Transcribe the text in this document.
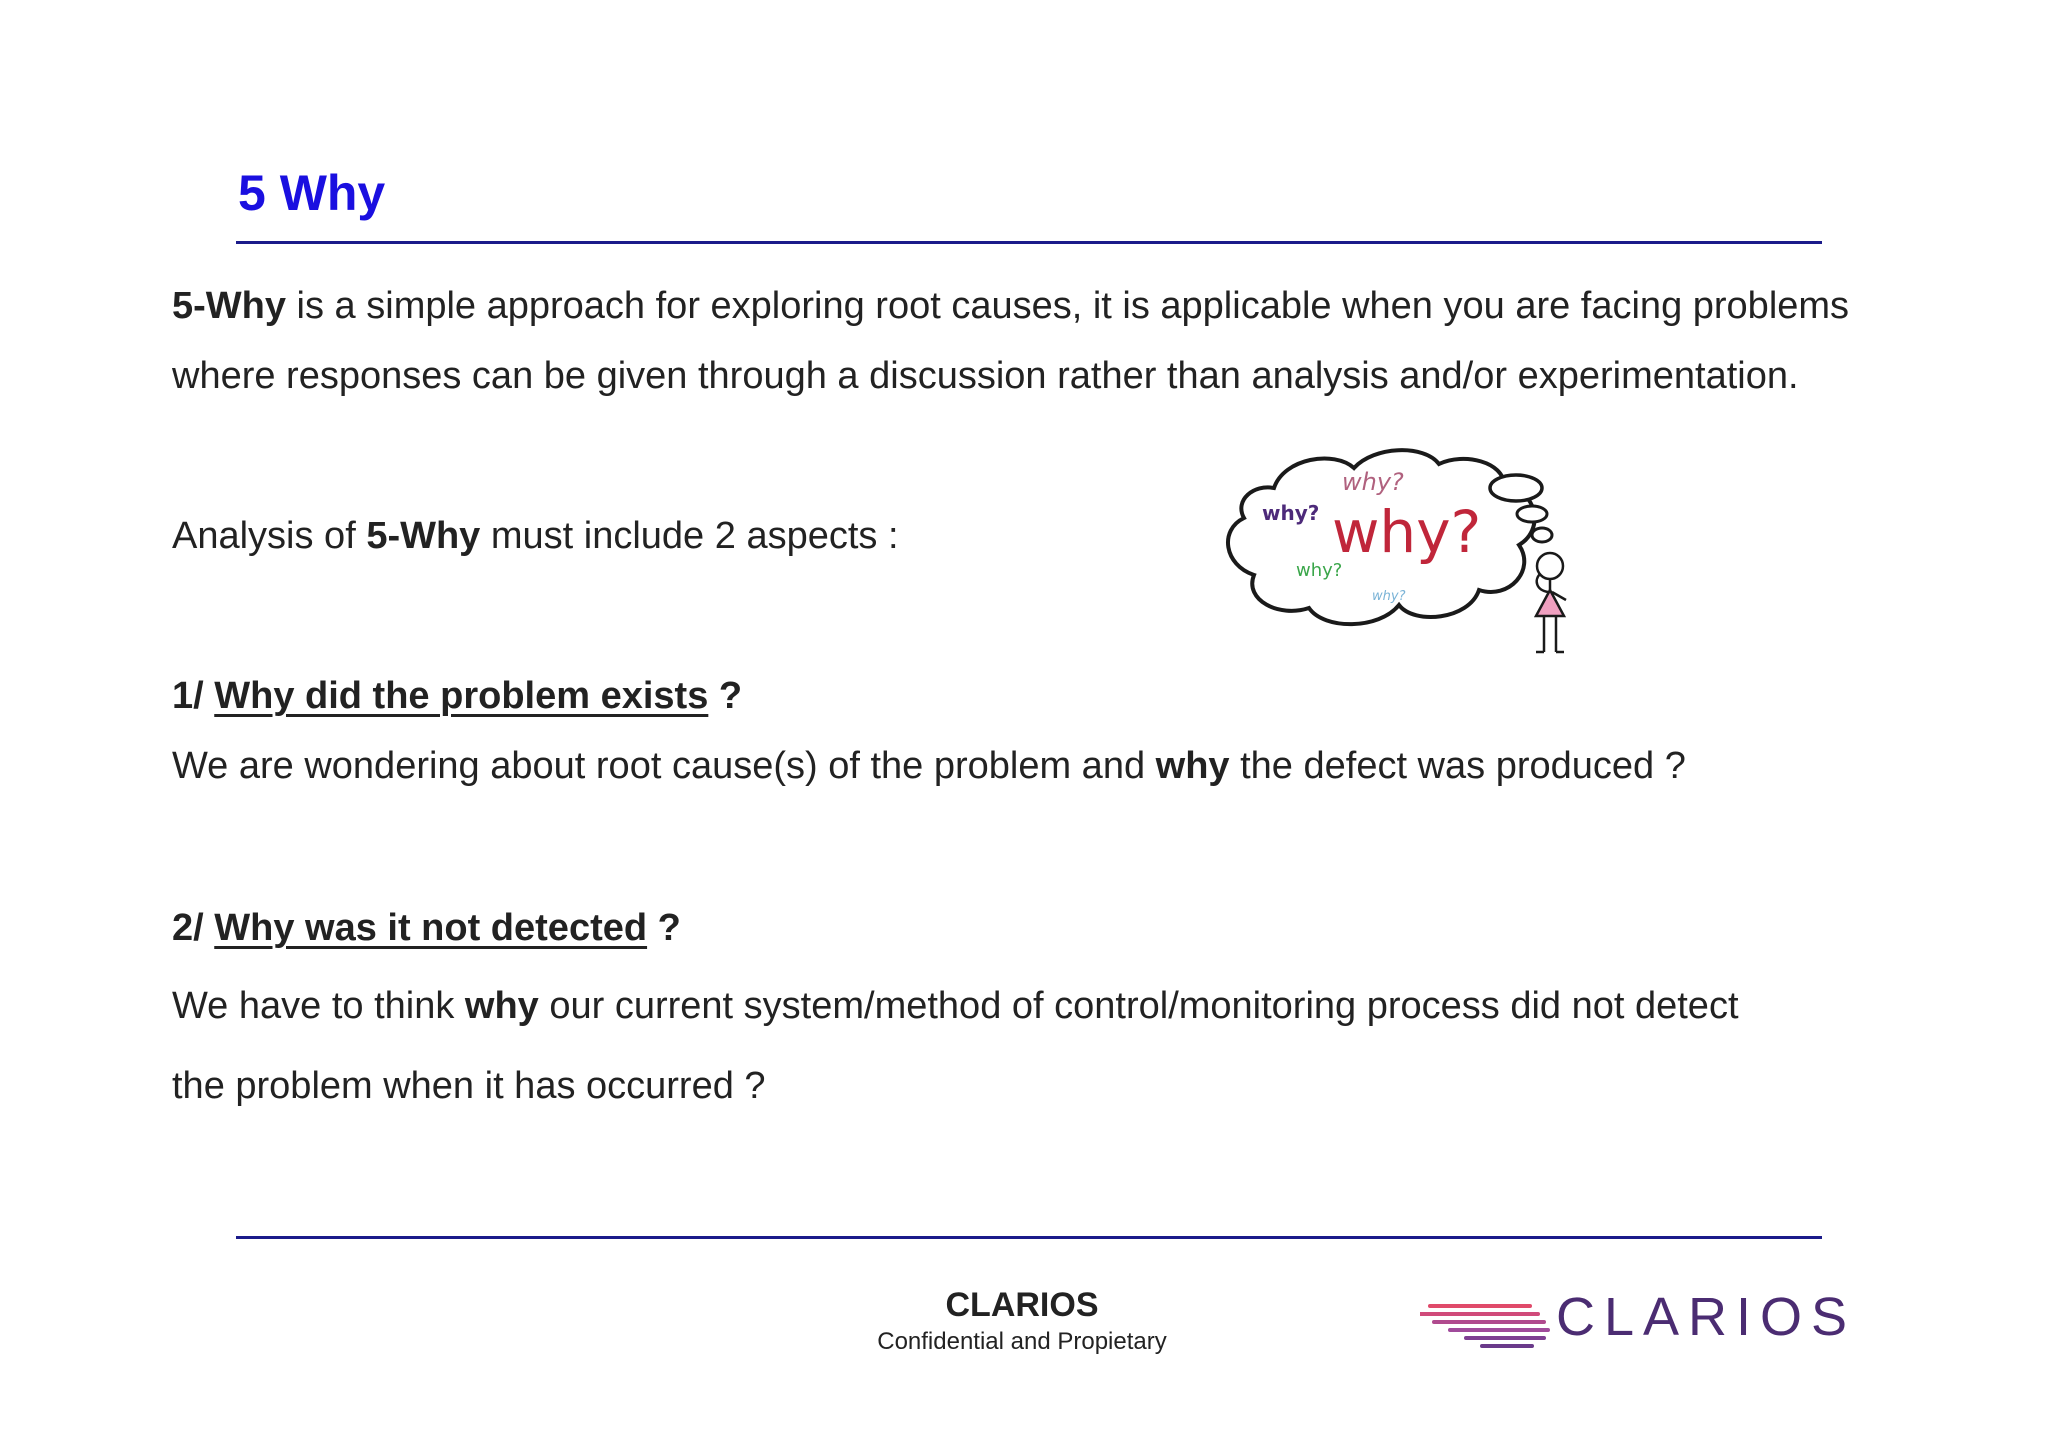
5 Why
5-Why is a simple approach for exploring root causes, it is applicable when you are facing problems
where responses can be given through a discussion rather than analysis and/or experimentation.
Analysis of 5-Why must include 2 aspects :
1/ Why did the problem exists ?
We are wondering about root cause(s) of the problem and why the defect was produced ?
2/ Why was it not detected ?
We have to think why our current system/method of control/monitoring process did not detect
the problem when it has occurred ?
why?
why? why?
why?
why?
CLARIOS
Confidential and Propietary	CLARIOS
